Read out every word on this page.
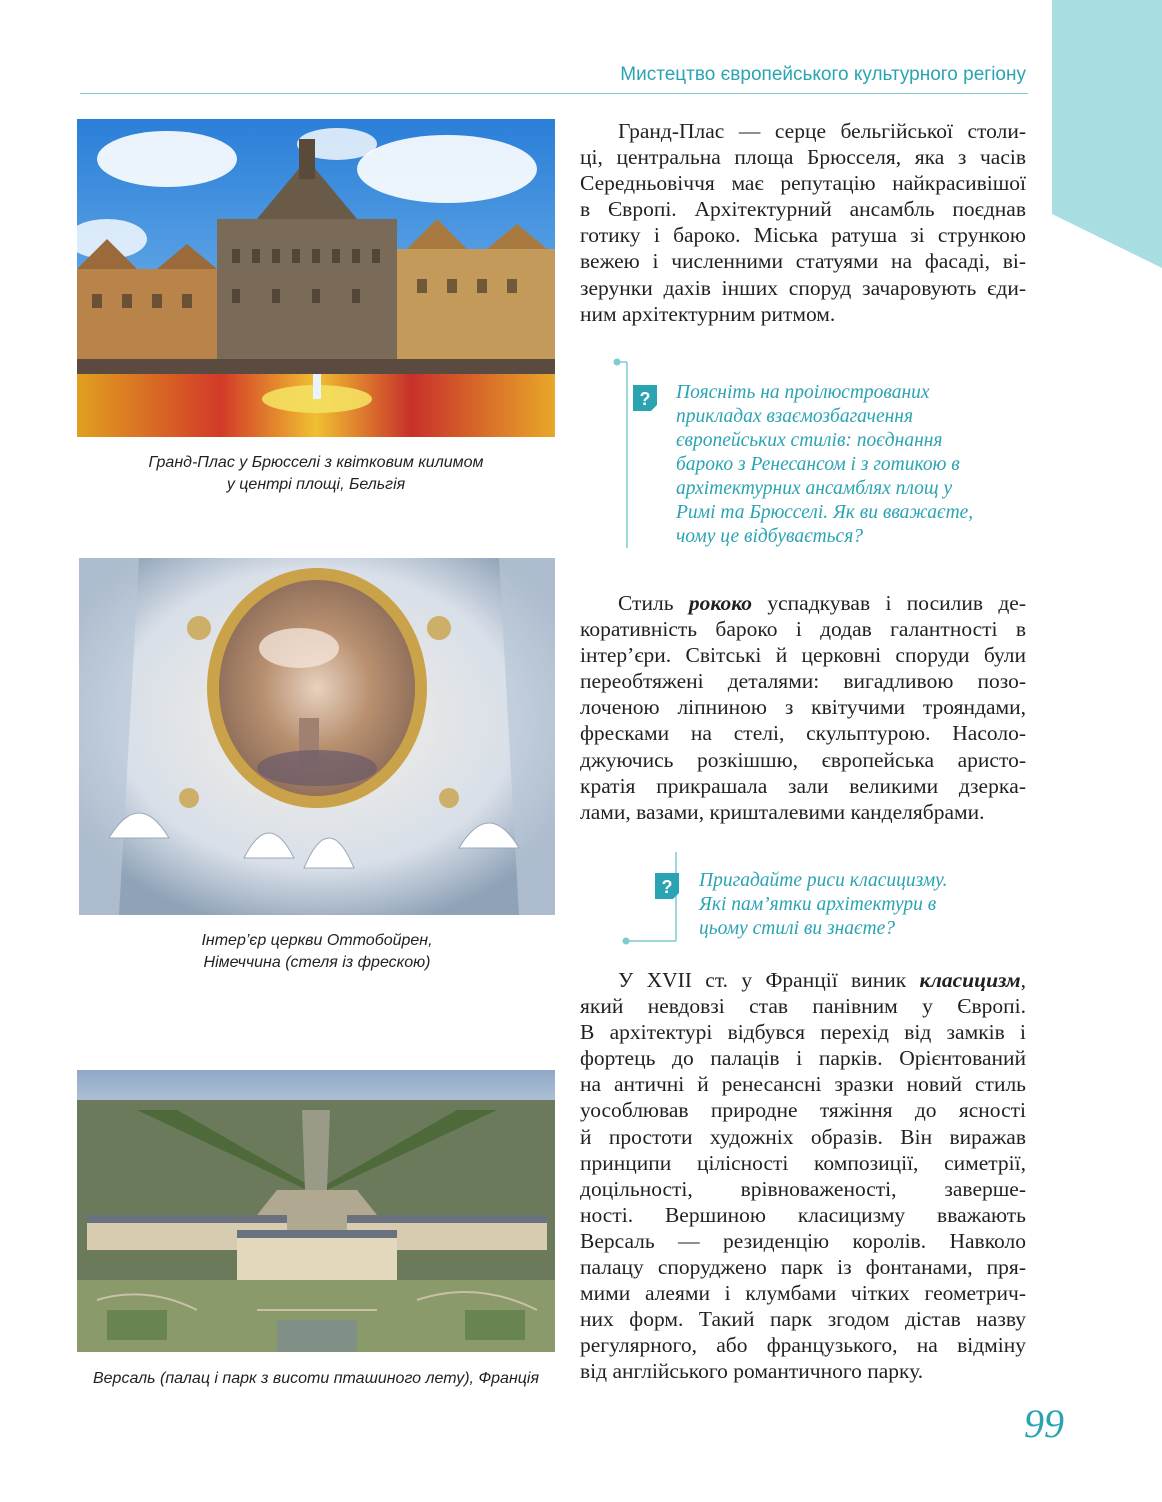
Мистецтво європейського культурного регіону
Гранд-Плас у Брюсселі з квітковим килимом
у центрі площі, Бельгія
Інтер’єр церкви Оттобойрен,
Німеччина (стеля із фрескою)
Версаль (палац і парк з висоти пташиного лету), Франція
Гранд-Плас — серце бельгійської столи-
ці, центральна площа Брюсселя, яка з часів
Середньовіччя має репутацію найкрасивішої
в Європі. Архітектурний ансамбль поєднав
готику і бароко. Міська ратуша зі стрункою
вежею і численними статуями на фасаді, ві-
зерунки дахів інших споруд зачаровують єди-
ним архітектурним ритмом.
? Поясніть на проілюстрованих
прикладах взаємозбагачення
європейських стилів: поєднання
бароко з Ренесансом і з готикою в
архітектурних ансамблях площ у
Римі та Брюсселі. Як ви вважаєте,
чому це відбувається?
Стиль рококо успадкував і посилив де-
коративність бароко і додав галантності в
інтер’єри. Світські й церковні споруди були
переобтяжені деталями: вигадливою позо-
лоченою ліпниною з квітучими трояндами,
фресками на стелі, скульптурою. Насоло-
джуючись розкішшю, європейська аристо-
кратія прикрашала зали великими дзеркa-
лами, вазами, кришталевими канделябрами.
? Пригадайте риси класицизму.
Які пам’ятки архітектури в
цьому стилі ви знаєте?
У XVII ст. у Франції виник класицизм,
який невдовзі став панівним у Європі.
В архітектурі відбувся перехід від замків і
фортець до палаців і парків. Орієнтований
на античні й ренесансні зразки новий стиль
уособлював природне тяжіння до ясності
й простоти художніх образів. Він виражав
принципи цілісності композиції, симетрії,
доцільності, врівноваженості, заверше-
ності. Вершиною класицизму вважають
Версаль — резиденцію королів. Навколо
палацу споруджено парк із фонтанами, пря-
мими алеями і клумбами чітких геометрич-
них форм. Такий парк згодом дістав назву
регулярного, або французького, на відміну
від англійського романтичного парку.
99
